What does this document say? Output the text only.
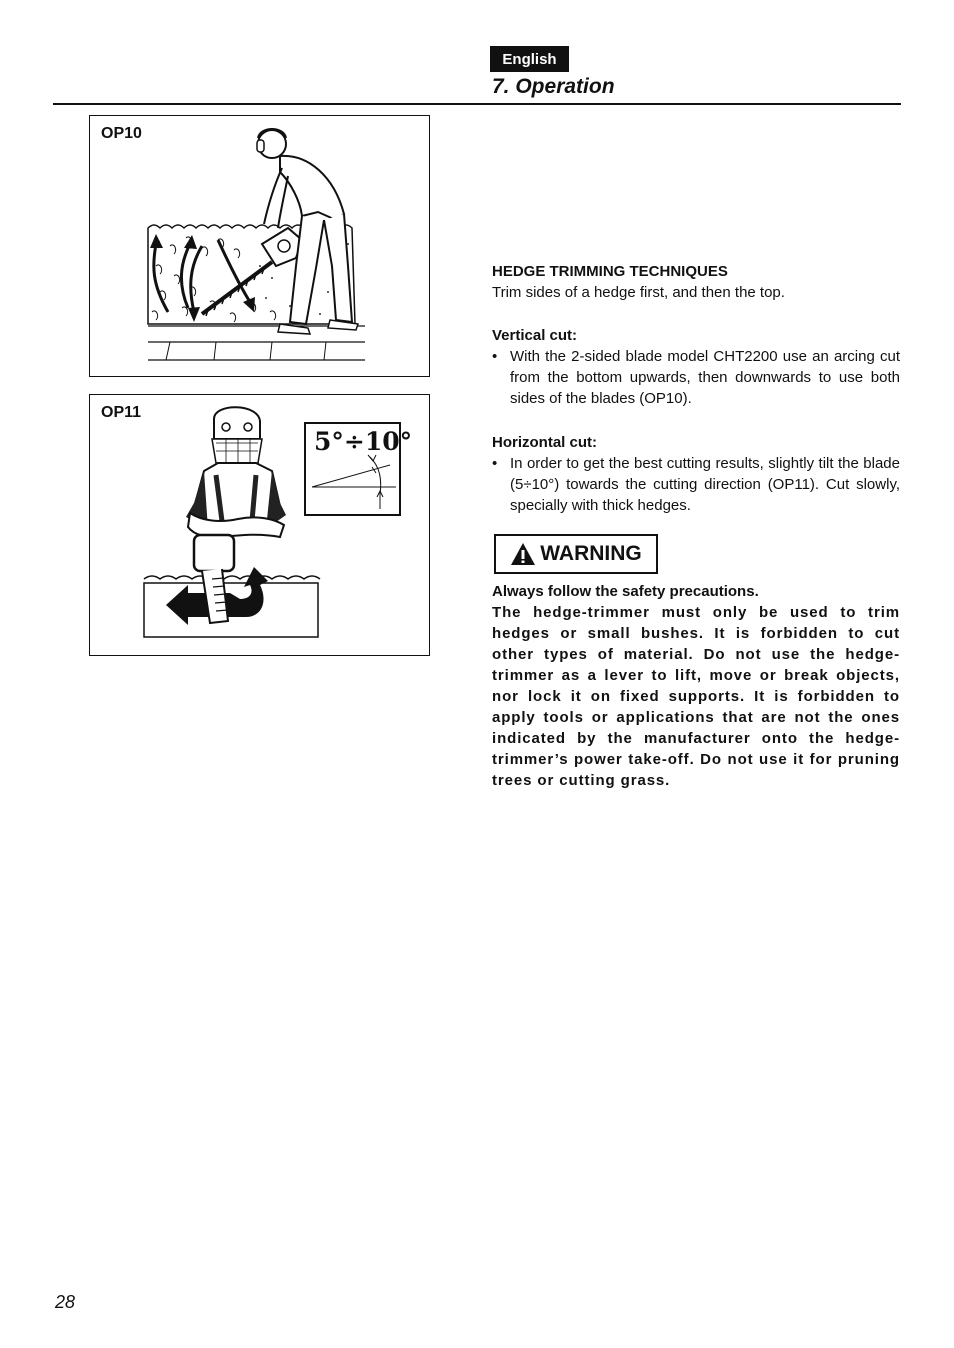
English
7. Operation
OP10
5°÷10°
OP11

HEDGE TRIMMING TECHNIQUES

Trim sides of a hedge first, and then the top.

Vertical cut:

• With the 2-sided blade model CHT2200 use an arcing cut from the bottom upwards, then downwards to use both sides of the blades (OP10).

Horizontal cut:

• In order to get the best cutting results, slightly tilt the blade (5÷10°) towards the cutting direction (OP11). Cut slowly, specially with thick hedges.
WARNING

Always follow the safety precautions.

The hedge-trimmer must only be used to trim hedges or small bushes. It is forbidden to cut other types of material. Do not use the hedge-trimmer as a lever to lift, move or break objects, nor lock it on fixed supports. It is forbidden to apply tools or applications that are not the ones indicated by the manufacturer onto the hedge-trimmer’s power take-off. Do not use it for pruning trees or cutting grass.

28
